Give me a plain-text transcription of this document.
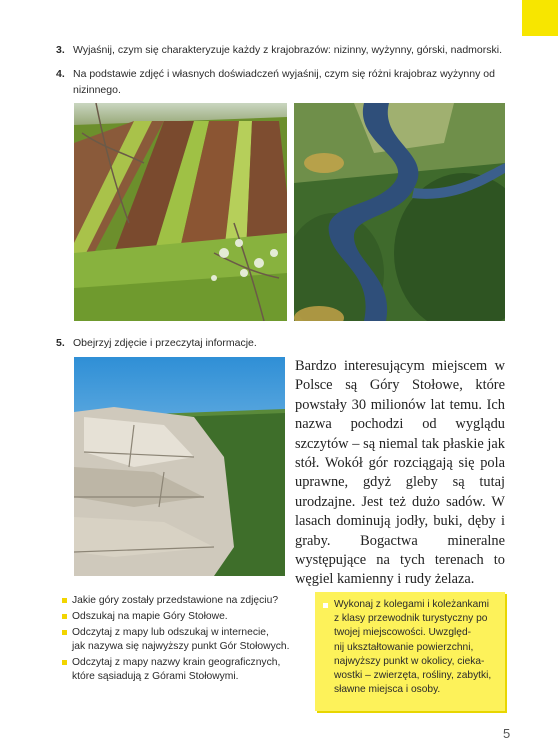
3. Wyjaśnij, czym się charakteryzuje każdy z krajobrazów: nizinny, wyżynny, górski, nadmorski.
4. Na podstawie zdjęć i własnych doświadczeń wyjaśnij, czym się różni krajobraz wyżynny od
nizinnego.
5. Obejrzyj zdjęcie i przeczytaj informacje.
Bardzo interesującym miejscem w Polsce są Góry Stołowe, które powstały 30 milionów lat temu. Ich nazwa pochodzi od wyglądu szczytów – są niemal tak płaskie jak stół. Wokół gór rozciągają się pola uprawne, gdyż gleby są tutaj urodzajne. Jest też dużo sadów. W lasach dominują jodły, buki, dęby i graby. Bogactwa mineralne występujące na tych terenach to węgiel kamienny i rudy żelaza.
Jakie góry zostały przedstawione na zdjęciu?
Odszukaj na mapie Góry Stołowe.
Odczytaj z mapy lub odszukaj w internecie,
jak nazywa się najwyższy punkt Gór Stołowych.
Odczytaj z mapy nazwy krain geograficznych,
które sąsiadują z Górami Stołowymi.
Wykonaj z kolegami i koleżankami
z klasy przewodnik turystyczny po
twojej miejscowości. Uwzględ-
nij ukształtowanie powierzchni,
najwyższy punkt w okolicy, cieka-
wostki – zwierzęta, rośliny, zabytki,
sławne miejsca i osoby.
5
